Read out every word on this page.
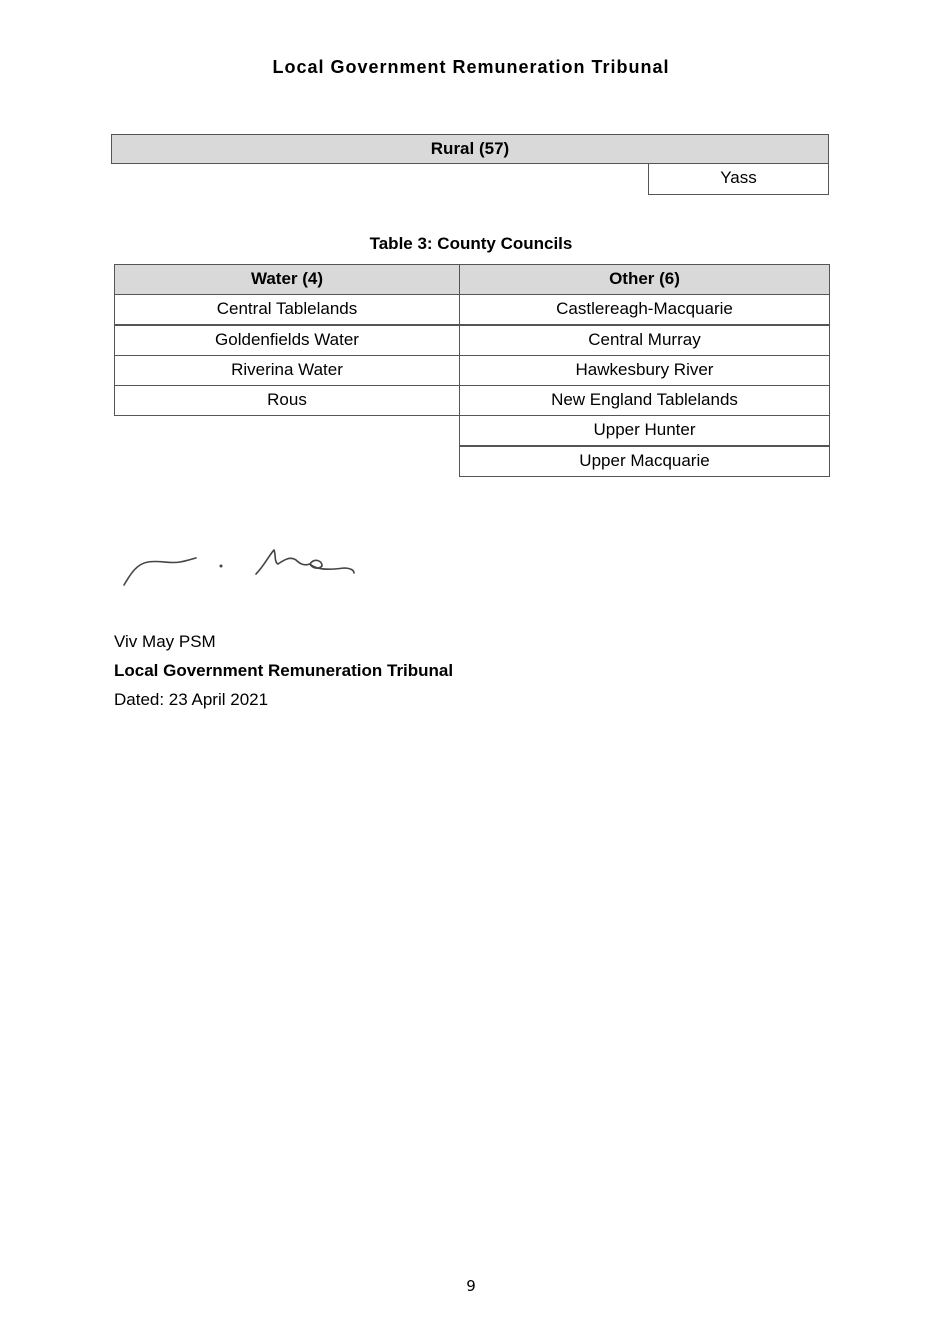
Local Government Remuneration Tribunal
Rural (57)
Yass
Table 3: County Councils
Water (4)
Central Tablelands
Goldenfields Water
Riverina Water
Rous
Other (6)
Castlereagh-Macquarie
Central Murray
Hawkesbury River
New England Tablelands
Upper Hunter
Upper Macquarie
Viv May PSM
Local Government Remuneration Tribunal
Dated: 23 April 2021
9
